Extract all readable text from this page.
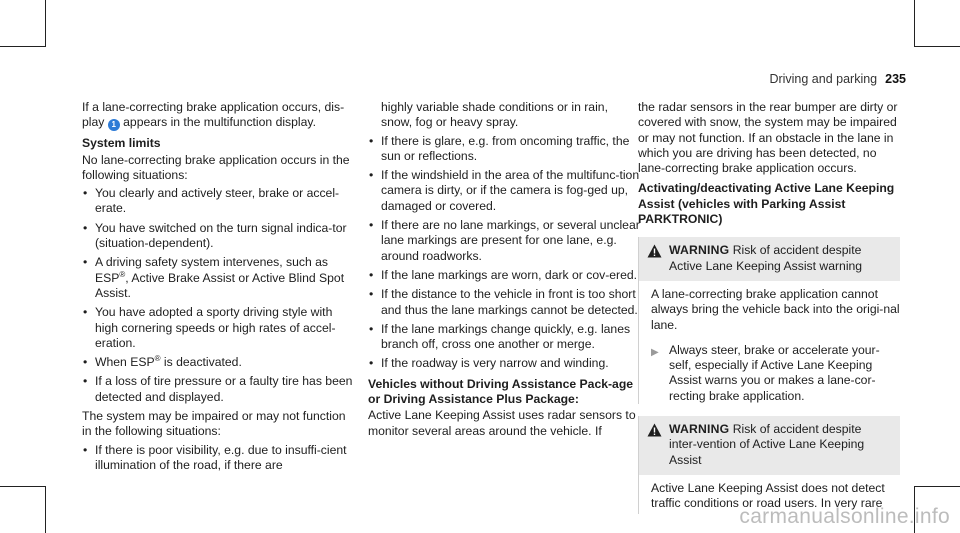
Driving and parking 235

If a lane-correcting brake application occurs, dis-play 1 appears in the multifunction display.

System limits

No lane-correcting brake application occurs in the following situations:

• You clearly and actively steer, brake or accel-erate.
• You have switched on the turn signal indica-tor (situation-dependent).
• A driving safety system intervenes, such as ESP®, Active Brake Assist or Active Blind Spot Assist.
• You have adopted a sporty driving style with high cornering speeds or high rates of accel-eration.
• When ESP® is deactivated.
• If a loss of tire pressure or a faulty tire has been detected and displayed.

The system may be impaired or may not function in the following situations:

• If there is poor visibility, e.g. due to insuffi-cient illumination of the road, if there are

highly variable shade conditions or in rain, snow, fog or heavy spray.

• If there is glare, e.g. from oncoming traffic, the sun or reflections.
• If the windshield in the area of the multifunc-tion camera is dirty, or if the camera is fog-ged up, damaged or covered.
• If there are no lane markings, or several unclear lane markings are present for one lane, e.g. around roadworks.
• If the lane markings are worn, dark or cov-ered.
• If the distance to the vehicle in front is too short and thus the lane markings cannot be detected.
• If the lane markings change quickly, e.g. lanes branch off, cross one another or merge.
• If the roadway is very narrow and winding.
Vehicles without Driving Assistance Pack-age or Driving Assistance Plus Package:

Active Lane Keeping Assist uses radar sensors to monitor several areas around the vehicle. If

the radar sensors in the rear bumper are dirty or covered with snow, the system may be impaired or may not function. If an obstacle in the lane in which you are driving has been detected, no lane-correcting brake application occurs.

Activating/deactivating Active Lane Keeping Assist (vehicles with Parking Assist PARKTRONIC)
WARNING Risk of accident despite Active Lane Keeping Assist warning
A lane-correcting brake application cannot always bring the vehicle back into the origi-nal lane.
▶ Always steer, brake or accelerate your-self, especially if Active Lane Keeping Assist warns you or makes a lane-cor-recting brake application.
WARNING Risk of accident despite inter-vention of Active Lane Keeping Assist
Active Lane Keeping Assist does not detect traffic conditions or road users. In very rare
carmanualsonline.info
